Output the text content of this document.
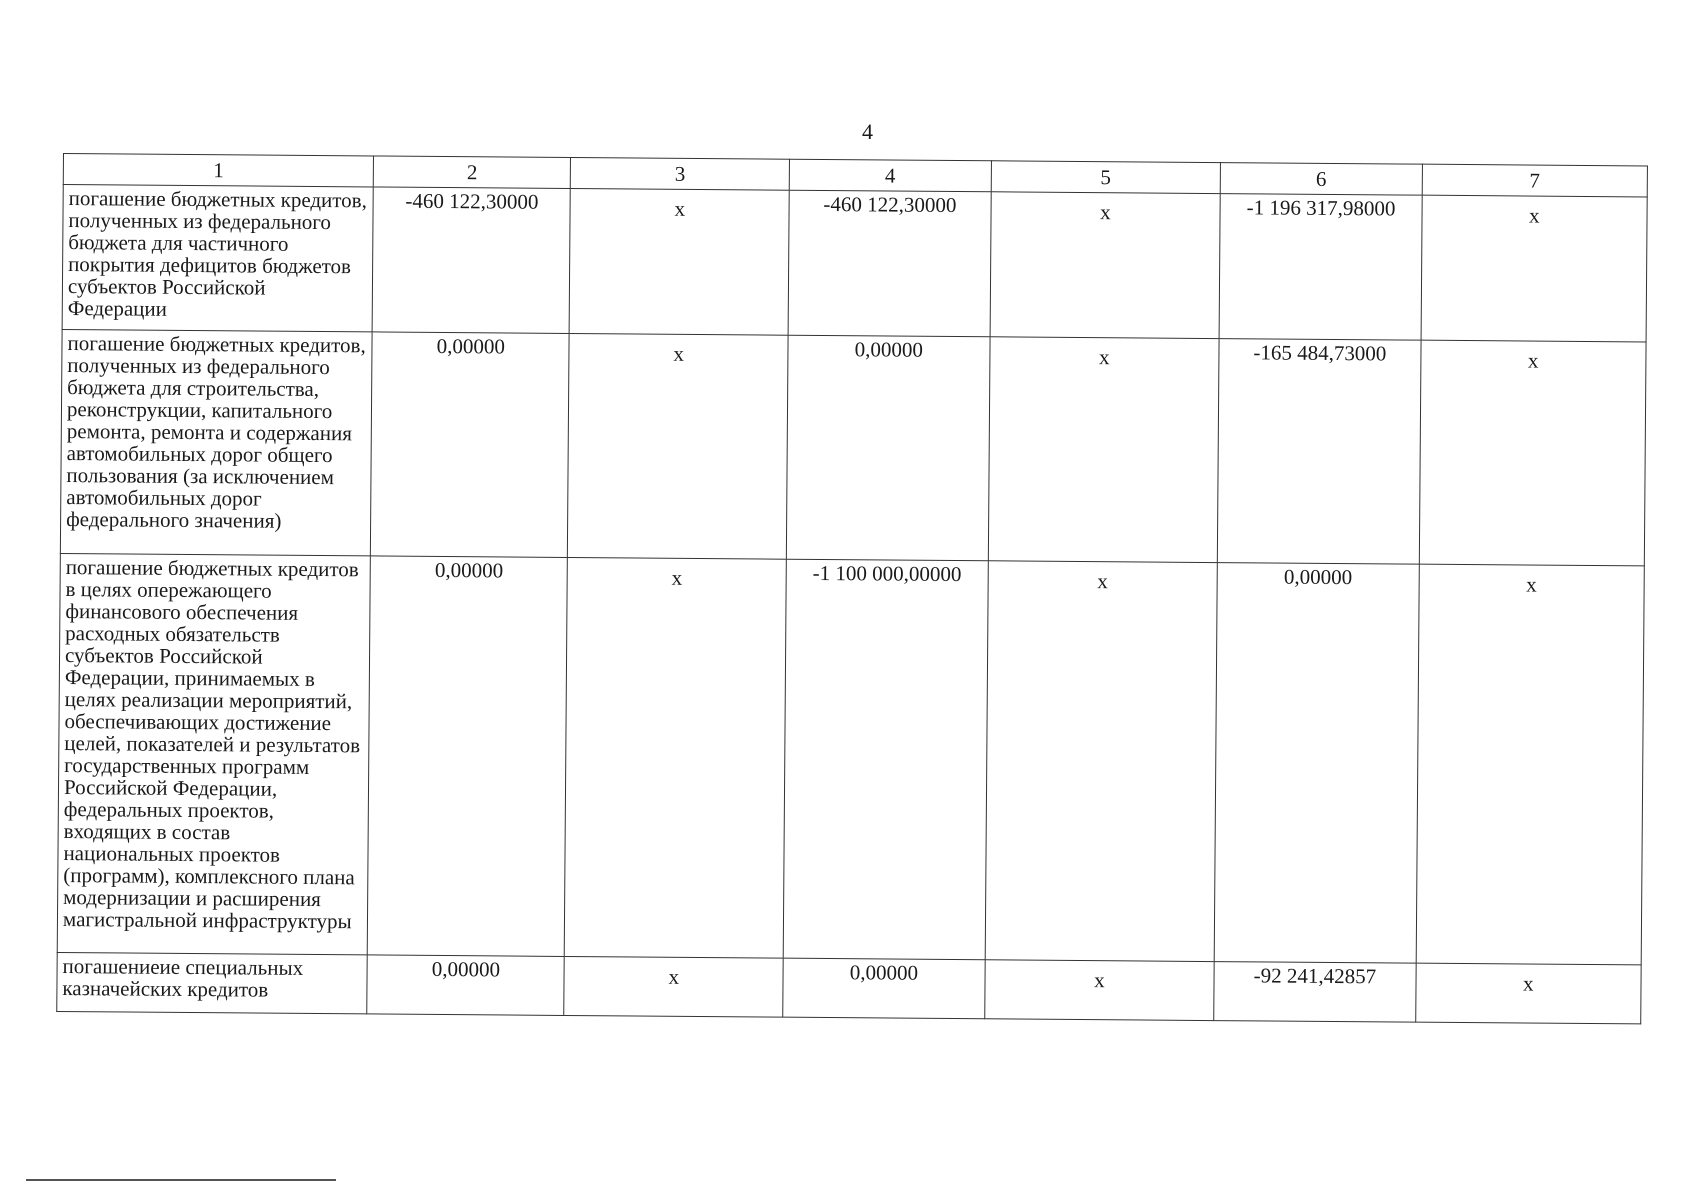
4
1	2	3	4	5	6	7
погашение бюджетных кредитов, полученных из федерального бюджета для частичного покрытия дефицитов бюджетов субъектов Российской Федерации	-460 122,30000	x	-460 122,30000	x	-1 196 317,98000	x
погашение бюджетных кредитов, полученных из федерального бюджета для строительства, реконструкции, капитального ремонта, ремонта и содержания автомобильных дорог общего пользования (за исключением автомобильных дорог федерального значения)	0,00000	x	0,00000	x	-165 484,73000	x
погашение бюджетных кредитов в целях опережающего финансового обеспечения расходных обязательств субъектов Российской Федерации, принимаемых в целях реализации мероприятий, обеспечивающих достижение целей, показателей и результатов государственных программ Российской Федерации, федеральных проектов, входящих в состав национальных проектов (программ), комплексного плана модернизации и расширения магистральной инфраструктуры	0,00000	x	-1 100 000,00000	x	0,00000	x
погашениеие специальных казначейских кредитов	0,00000	x	0,00000	x	-92 241,42857	x
